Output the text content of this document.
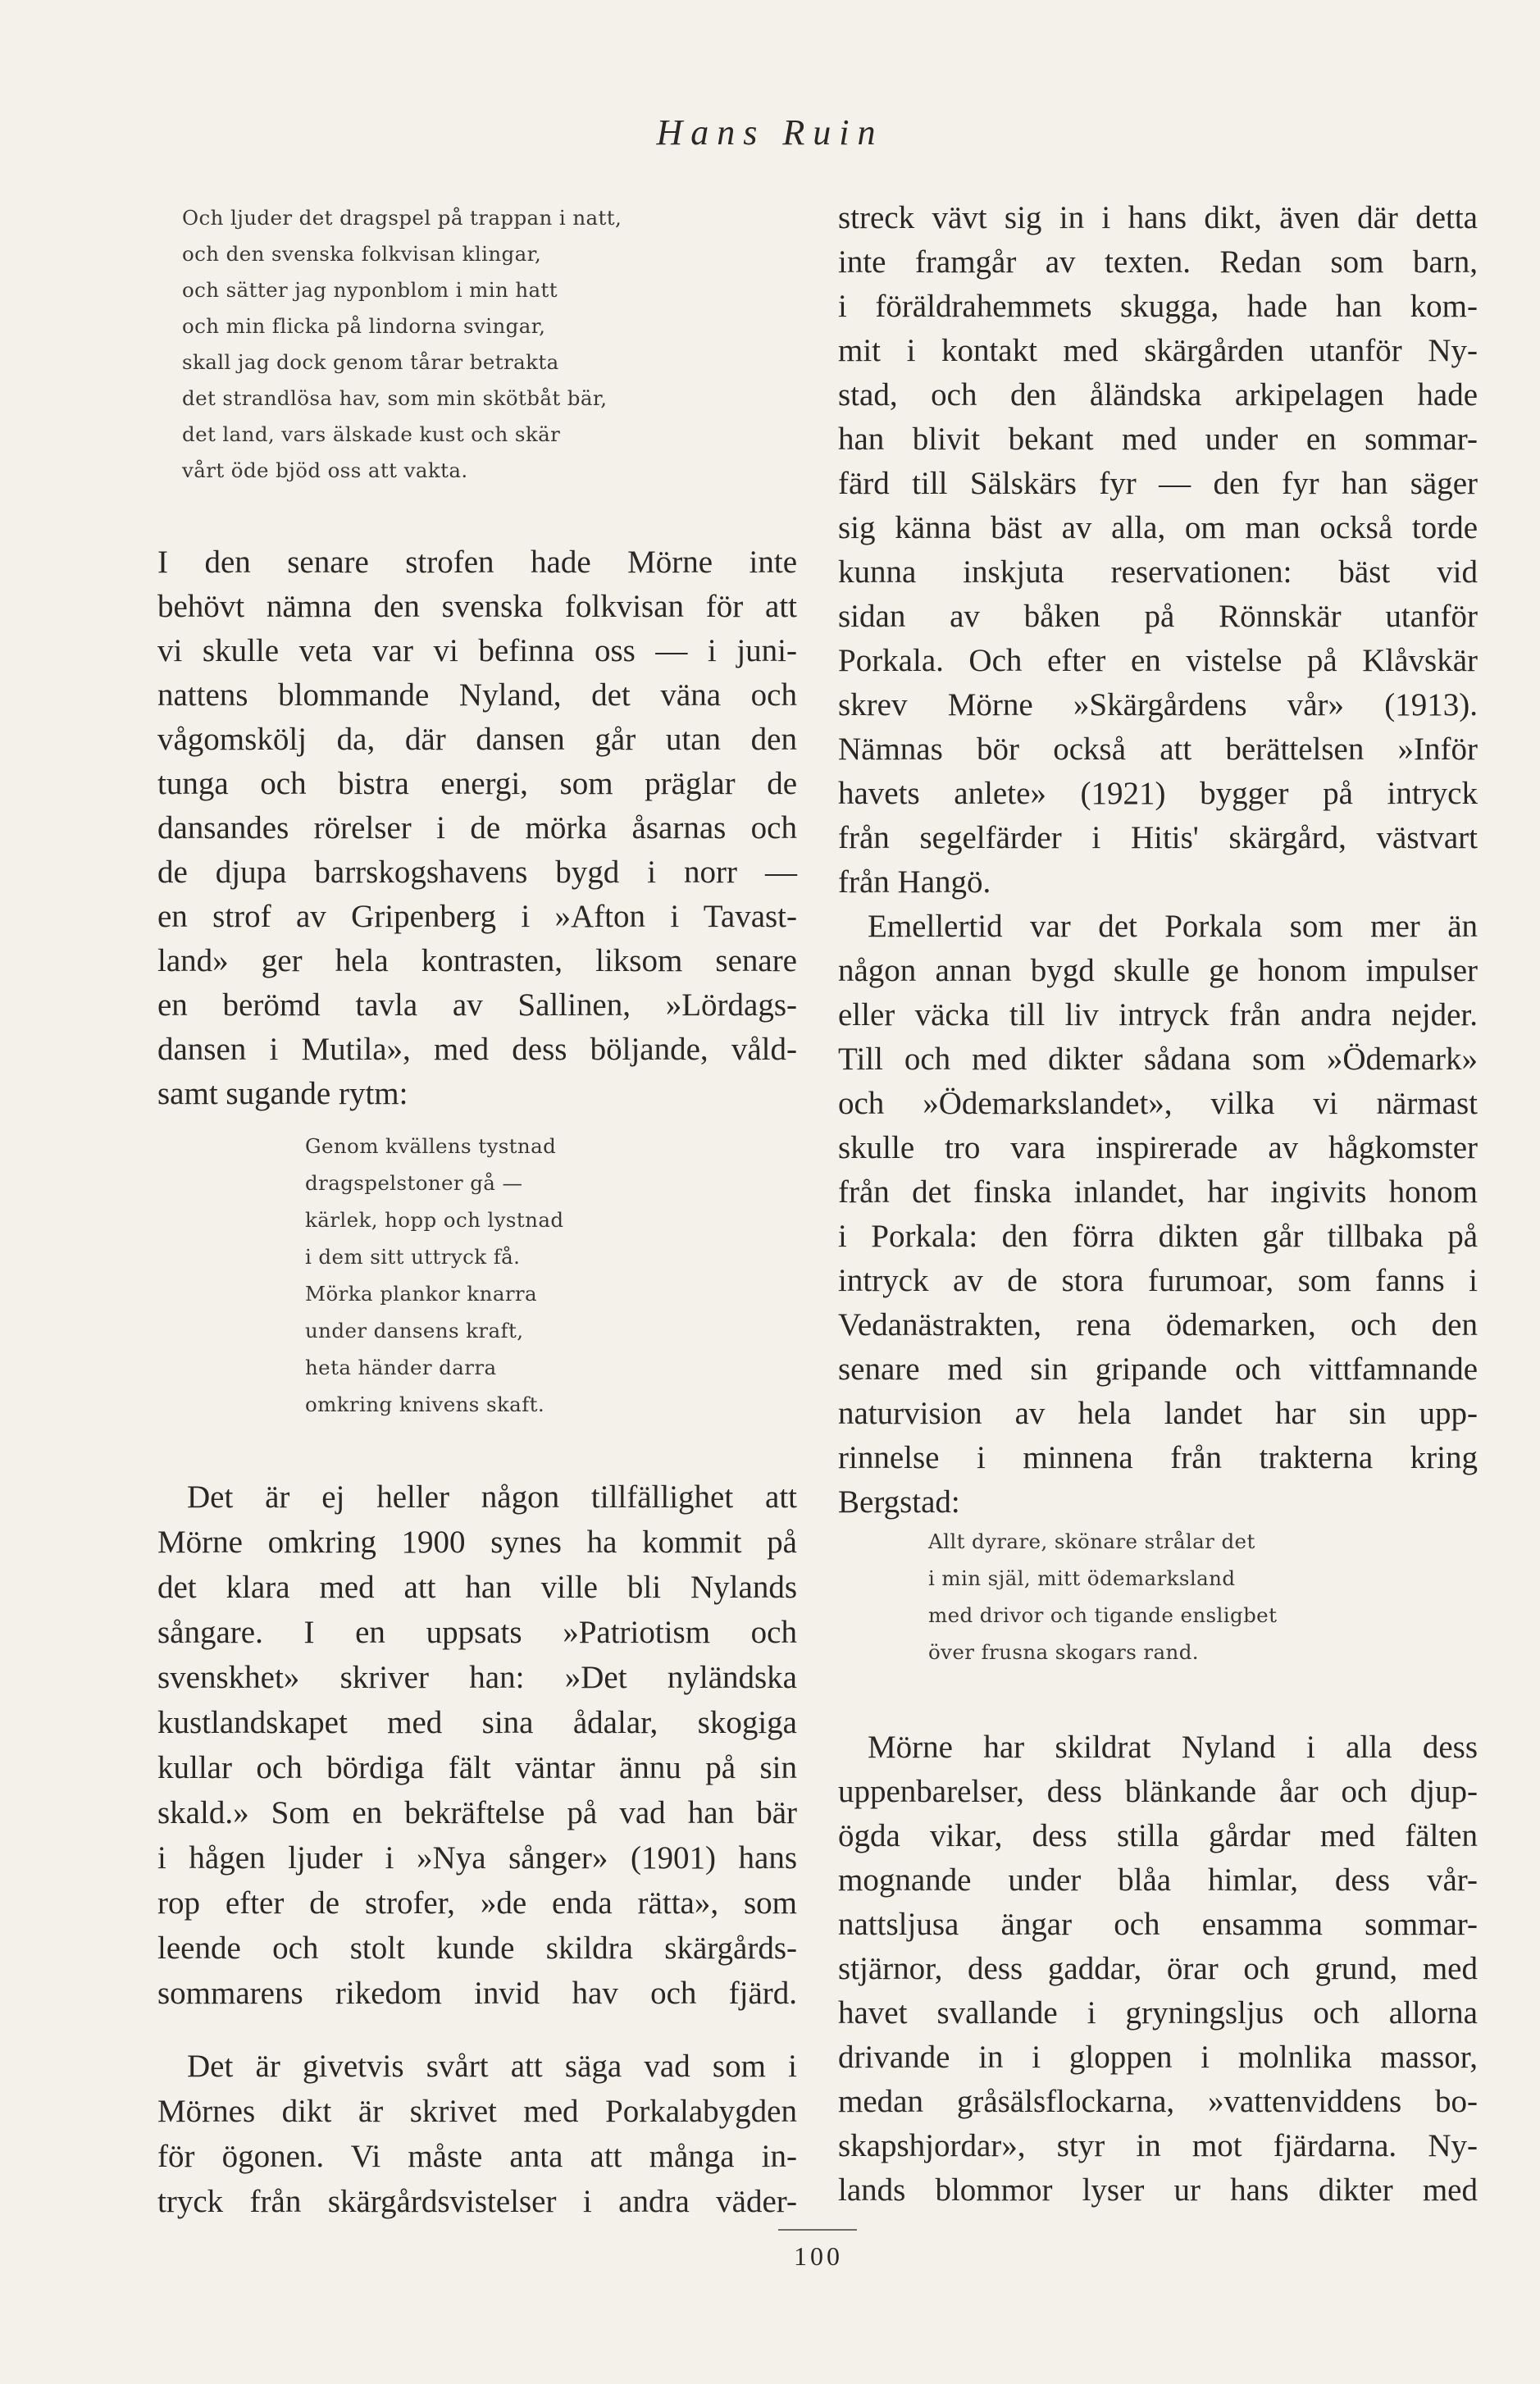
Hans Ruin
Och ljuder det dragspel på trappan i natt,
och den svenska folkvisan klingar,
och sätter jag nyponblom i min hatt
och min flicka på lindorna svingar,
skall jag dock genom tårar betrakta
det strandlösa hav, som min skötbåt bär,
det land, vars älskade kust och skär
vårt öde bjöd oss att vakta.
I den senare strofen hade Mörne inte
behövt nämna den svenska folkvisan för att
vi skulle veta var vi befinna oss — i juni-
nattens blommande Nyland, det väna och
vågomskölj da, där dansen går utan den
tunga och bistra energi, som präglar de
dansandes rörelser i de mörka åsarnas och
de djupa barrskogshavens bygd i norr —
en strof av Gripenberg i »Afton i Tavast-
land» ger hela kontrasten, liksom senare
en berömd tavla av Sallinen, »Lördags-
dansen i Mutila», med dess böljande, våld-
samt sugande rytm:
Genom kvällens tystnad
dragspelstoner gå —
kärlek, hopp och lystnad
i dem sitt uttryck få.
Mörka plankor knarra
under dansens kraft,
heta händer darra
omkring knivens skaft.
Det är ej heller någon tillfällighet att
Mörne omkring 1900 synes ha kommit på
det klara med att han ville bli Nylands
sångare. I en uppsats »Patriotism och
svenskhet» skriver han: »Det nyländska
kustlandskapet med sina ådalar, skogiga
kullar och bördiga fält väntar ännu på sin
skald.» Som en bekräftelse på vad han bär
i hågen ljuder i »Nya sånger» (1901) hans
rop efter de strofer, »de enda rätta», som
leende och stolt kunde skildra skärgårds-
sommarens rikedom invid hav och fjärd.
Det är givetvis svårt att säga vad som i
Mörnes dikt är skrivet med Porkalabygden
för ögonen. Vi måste anta att många in-
tryck från skärgårdsvistelser i andra väder-
streck vävt sig in i hans dikt, även där detta
inte framgår av texten. Redan som barn,
i föräldrahemmets skugga, hade han kom-
mit i kontakt med skärgården utanför Ny-
stad, och den åländska arkipelagen hade
han blivit bekant med under en sommar-
färd till Sälskärs fyr — den fyr han säger
sig känna bäst av alla, om man också torde
kunna inskjuta reservationen: bäst vid
sidan av båken på Rönnskär utanför
Porkala. Och efter en vistelse på Klåvskär
skrev Mörne »Skärgårdens vår» (1913).
Nämnas bör också att berättelsen »Inför
havets anlete» (1921) bygger på intryck
från segelfärder i Hitis' skärgård, västvart
från Hangö.
Emellertid var det Porkala som mer än
någon annan bygd skulle ge honom impulser
eller väcka till liv intryck från andra nejder.
Till och med dikter sådana som »Ödemark»
och »Ödemarkslandet», vilka vi närmast
skulle tro vara inspirerade av hågkomster
från det finska inlandet, har ingivits honom
i Porkala: den förra dikten går tillbaka på
intryck av de stora furumoar, som fanns i
Vedanästrakten, rena ödemarken, och den
senare med sin gripande och vittfamnande
naturvision av hela landet har sin upp-
rinnelse i minnena från trakterna kring
Bergstad:
Allt dyrare, skönare strålar det
i min själ, mitt ödemarksland
med drivor och tigande ensligbet
över frusna skogars rand.
Mörne har skildrat Nyland i alla dess
uppenbarelser, dess blänkande åar och djup-
ögda vikar, dess stilla gårdar med fälten
mognande under blåa himlar, dess vår-
nattsljusa ängar och ensamma sommar-
stjärnor, dess gaddar, örar och grund, med
havet svallande i gryningsljus och allorna
drivande in i gloppen i molnlika massor,
medan gråsälsflockarna, »vattenviddens bo-
skapshjordar», styr in mot fjärdarna. Ny-
lands blommor lyser ur hans dikter med
100
